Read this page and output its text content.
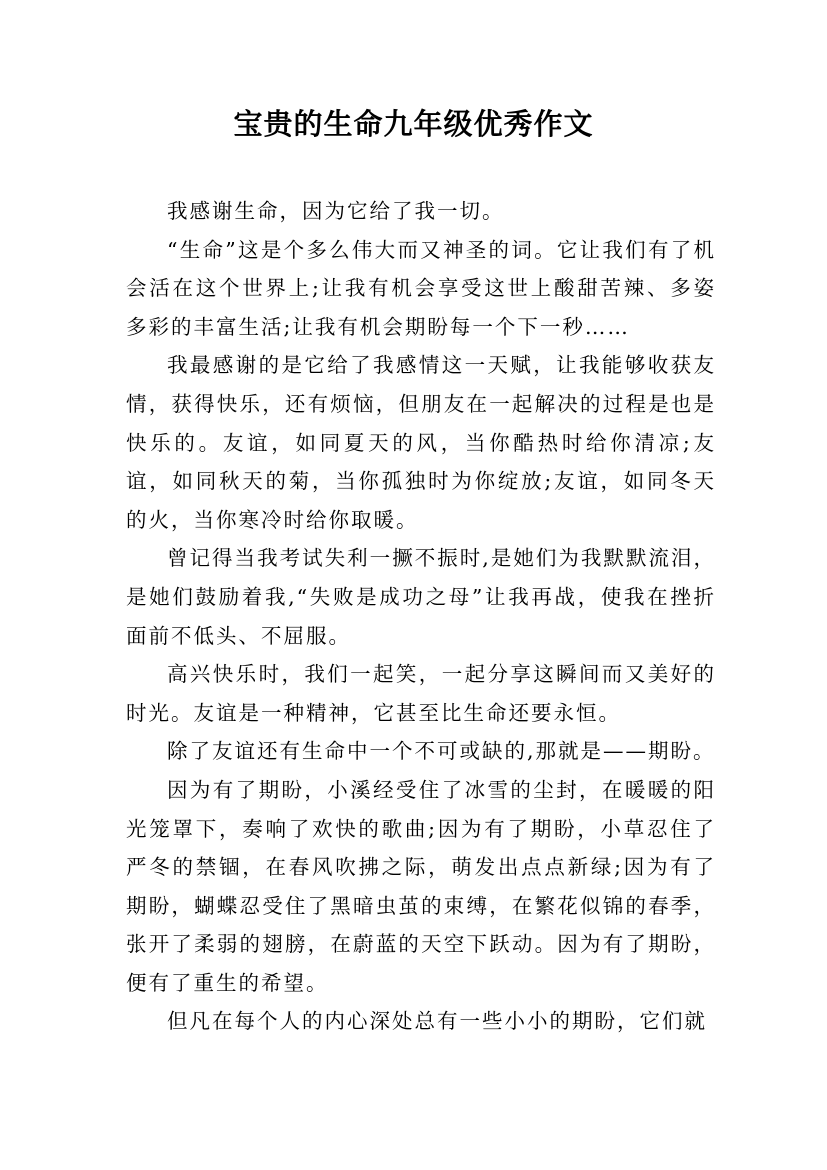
宝贵的生命九年级优秀作文

我感谢生命，因为它给了我一切。

“生命”这是个多么伟大而又神圣的词。它让我们有了机会活在这个世界上;让我有机会享受这世上酸甜苦辣、多姿多彩的丰富生活;让我有机会期盼每一个下一秒……

我最感谢的是它给了我感情这一天赋，让我能够收获友情，获得快乐，还有烦恼，但朋友在一起解决的过程是也是快乐的。友谊，如同夏天的风，当你酷热时给你清凉;友谊，如同秋天的菊，当你孤独时为你绽放;友谊，如同冬天的火，当你寒冷时给你取暖。

曾记得当我考试失利一撅不振时,是她们为我默默流泪，是她们鼓励着我,“失败是成功之母”让我再战，使我在挫折面前不低头、不屈服。

高兴快乐时，我们一起笑，一起分享这瞬间而又美好的时光。友谊是一种精神，它甚至比生命还要永恒。

除了友谊还有生命中一个不可或缺的,那就是——期盼。

因为有了期盼，小溪经受住了冰雪的尘封，在暖暖的阳光笼罩下，奏响了欢快的歌曲;因为有了期盼，小草忍住了严冬的禁锢，在春风吹拂之际，萌发出点点新绿;因为有了期盼，蝴蝶忍受住了黑暗虫茧的束缚，在繁花似锦的春季，张开了柔弱的翅膀，在蔚蓝的天空下跃动。因为有了期盼，便有了重生的希望。

但凡在每个人的内心深处总有一些小小的期盼，它们就
